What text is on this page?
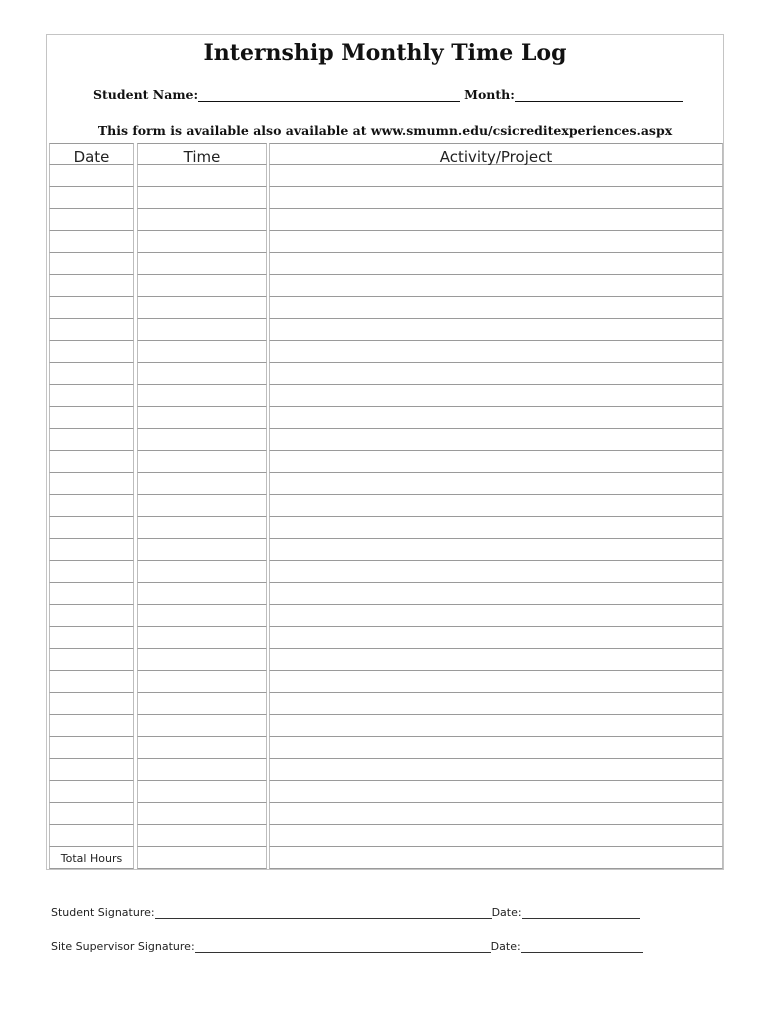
Internship Monthly Time Log
Student Name:	Month:
This form is available also available at www.smumn.edu/csicreditexperiences.aspx
Date	Time	Activity/Project
Total Hours
Student Signature:	Date:
Site Supervisor Signature:	Date:
